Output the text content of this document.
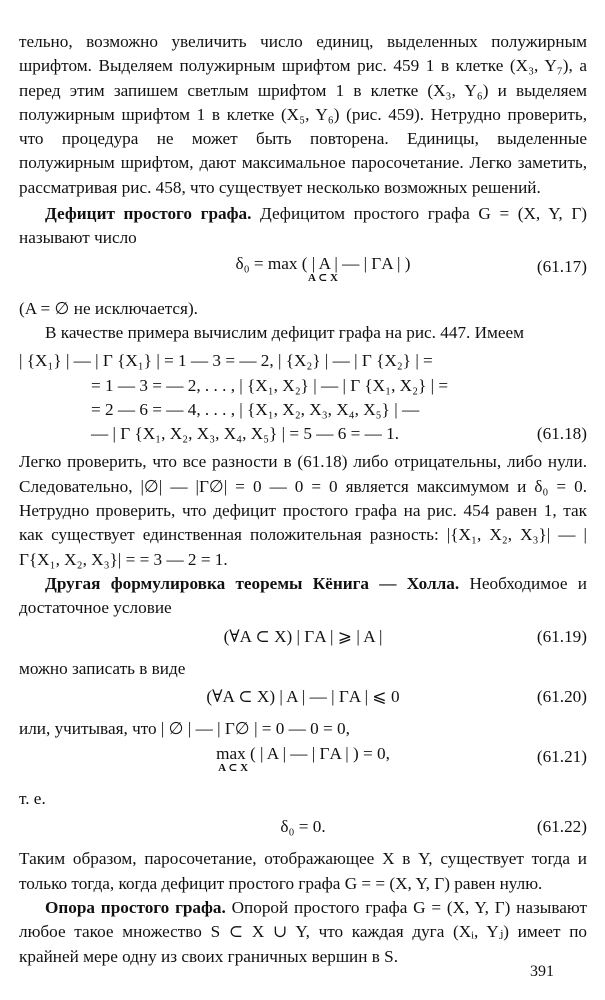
тельно, возможно увеличить число единиц, выделенных полужирным шрифтом. Выделяем полужирным шрифтом рис. 459 1 в клетке (X₃, Y₇), а перед этим запишем светлым шрифтом 1 в клетке (X₃, Y₆) и выделяем полужирным шрифтом 1 в клетке (X₅, Y₆) (рис. 459). Нетрудно проверить, что процедура не может быть повторена. Единицы, выделенные полужирным шрифтом, дают максимальное паросочетание. Легко заметить, рассматривая рис. 458, что существует несколько возможных решений.

Дефицит простого графа. Дефицитом простого графа G = (X, Y, Γ) называют число

δ₀ = max ( | A | — | ΓA | )
A ⊂ X
(61.17)

(A = ∅ не исключается).

В качестве примера вычислим дефицит графа на рис. 447. Имеем

| {X₁} | — | Γ {X₁} | = 1 — 3 = — 2, | {X₂} | — | Γ {X₂} | =
= 1 — 3 = — 2, . . . , | {X₁, X₂} | — | Γ {X₁, X₂} | =
= 2 — 6 = — 4, . . . , | {X₁, X₂, X₃, X₄, X₅} | —
— | Γ {X₁, X₂, X₃, X₄, X₅} | = 5 — 6 = — 1.	(61.18)

Легко проверить, что все разности в (61.18) либо отрицательны, либо нули. Следовательно, |∅| — |Γ∅| = 0 — 0 = 0 является максимумом и δ₀ = 0. Нетрудно проверить, что дефицит простого графа на рис. 454 равен 1, так как существует единственная положительная разность: |{X₁, X₂, X₃}| — |Γ{X₁, X₂, X₃}| = = 3 — 2 = 1.

Другая формулировка теоремы Кёнига — Холла. Необходимое и достаточное условие

(∀A ⊂ X) | ΓA | ⩾ | A |	(61.19)

можно записать в виде

(∀A ⊂ X) | A | — | ΓA | ⩽ 0	(61.20)

или, учитывая, что | ∅ | — | Γ∅ | = 0 — 0 = 0,

max ( | A | — | ΓA | ) = 0,
A ⊂ X
(61.21)

т. е.

δ₀ = 0.	(61.22)

Таким образом, паросочетание, отображающее X в Y, существует тогда и только тогда, когда дефицит простого графа G = = (X, Y, Γ) равен нулю.

Опора простого графа. Опорой простого графа G = (X, Y, Γ) называют любое такое множество S ⊂ X ∪ Y, что каждая дуга (Xᵢ, Yⱼ) имеет по крайней мере одну из своих граничных вершин в S.

391
